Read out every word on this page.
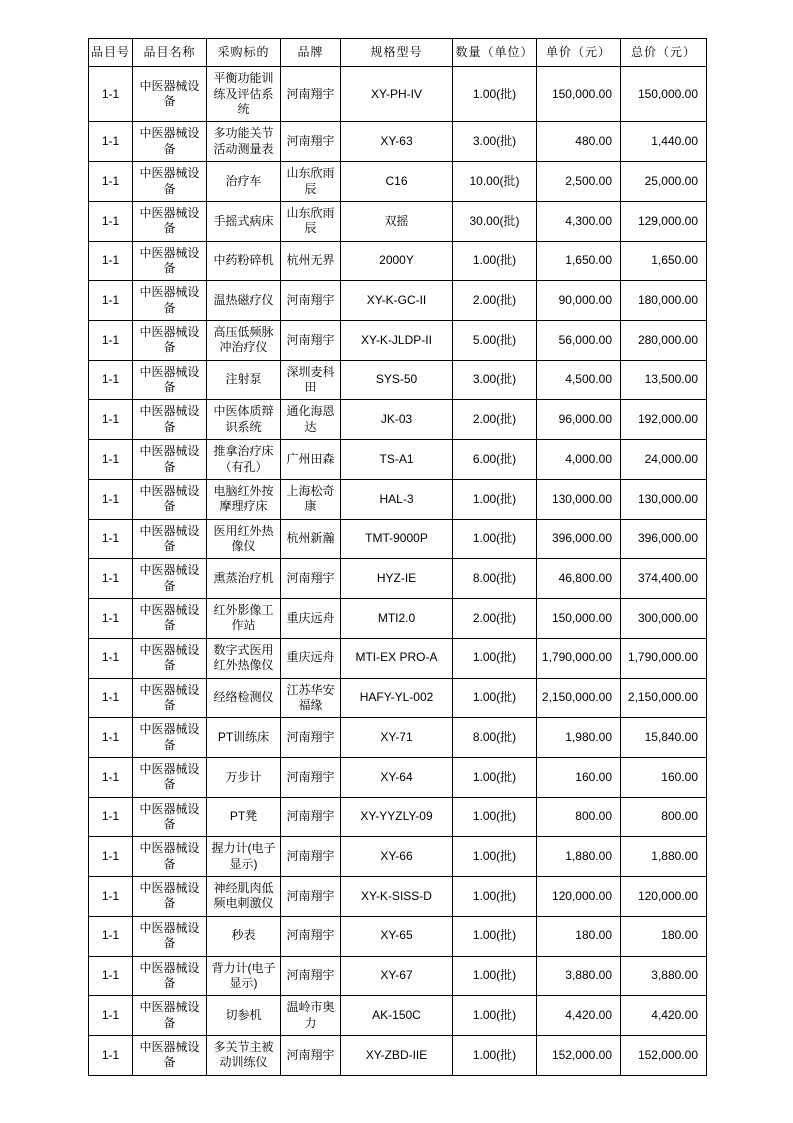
品目号	品目名称	采购标的	品牌	规格型号	数量（单位）	单价（元）	总价（元）
1-1	中医器械设备	平衡功能训练及评估系统	河南翔宇	XY-PH-IV	1.00(批)	150,000.00	150,000.00
1-1	中医器械设备	多功能关节活动测量表	河南翔宇	XY-63	3.00(批)	480.00	1,440.00
1-1	中医器械设备	治疗车	山东欣雨辰	C16	10.00(批)	2,500.00	25,000.00
1-1	中医器械设备	手摇式病床	山东欣雨辰	双摇	30.00(批)	4,300.00	129,000.00
1-1	中医器械设备	中药粉碎机	杭州无界	2000Y	1.00(批)	1,650.00	1,650.00
1-1	中医器械设备	温热磁疗仪	河南翔宇	XY-K-GC-II	2.00(批)	90,000.00	180,000.00
1-1	中医器械设备	高压低频脉冲治疗仪	河南翔宇	XY-K-JLDP-II	5.00(批)	56,000.00	280,000.00
1-1	中医器械设备	注射泵	深圳麦科田	SYS-50	3.00(批)	4,500.00	13,500.00
1-1	中医器械设备	中医体质辩识系统	通化海恩达	JK-03	2.00(批)	96,000.00	192,000.00
1-1	中医器械设备	推拿治疗床（有孔）	广州田森	TS-A1	6.00(批)	4,000.00	24,000.00
1-1	中医器械设备	电脑红外按摩理疗床	上海松奇康	HAL-3	1.00(批)	130,000.00	130,000.00
1-1	中医器械设备	医用红外热像仪	杭州新瀚	TMT-9000P	1.00(批)	396,000.00	396,000.00
1-1	中医器械设备	熏蒸治疗机	河南翔宇	HYZ-IE	8.00(批)	46,800.00	374,400.00
1-1	中医器械设备	红外影像工作站	重庆远舟	MTI2.0	2.00(批)	150,000.00	300,000.00
1-1	中医器械设备	数字式医用红外热像仪	重庆远舟	MTI-EX PRO-A	1.00(批)	1,790,000.00	1,790,000.00
1-1	中医器械设备	经络检测仪	江苏华安福缘	HAFY-YL-002	1.00(批)	2,150,000.00	2,150,000.00
1-1	中医器械设备	PT训练床	河南翔宇	XY-71	8.00(批)	1,980.00	15,840.00
1-1	中医器械设备	万步计	河南翔宇	XY-64	1.00(批)	160.00	160.00
1-1	中医器械设备	PT凳	河南翔宇	XY-YYZLY-09	1.00(批)	800.00	800.00
1-1	中医器械设备	握力计(电子显示)	河南翔宇	XY-66	1.00(批)	1,880.00	1,880.00
1-1	中医器械设备	神经肌肉低频电刺激仪	河南翔宇	XY-K-SISS-D	1.00(批)	120,000.00	120,000.00
1-1	中医器械设备	秒表	河南翔宇	XY-65	1.00(批)	180.00	180.00
1-1	中医器械设备	背力计(电子显示)	河南翔宇	XY-67	1.00(批)	3,880.00	3,880.00
1-1	中医器械设备	切参机	温岭市奥力	AK-150C	1.00(批)	4,420.00	4,420.00
1-1	中医器械设备	多关节主被动训练仪	河南翔宇	XY-ZBD-IIE	1.00(批)	152,000.00	152,000.00
